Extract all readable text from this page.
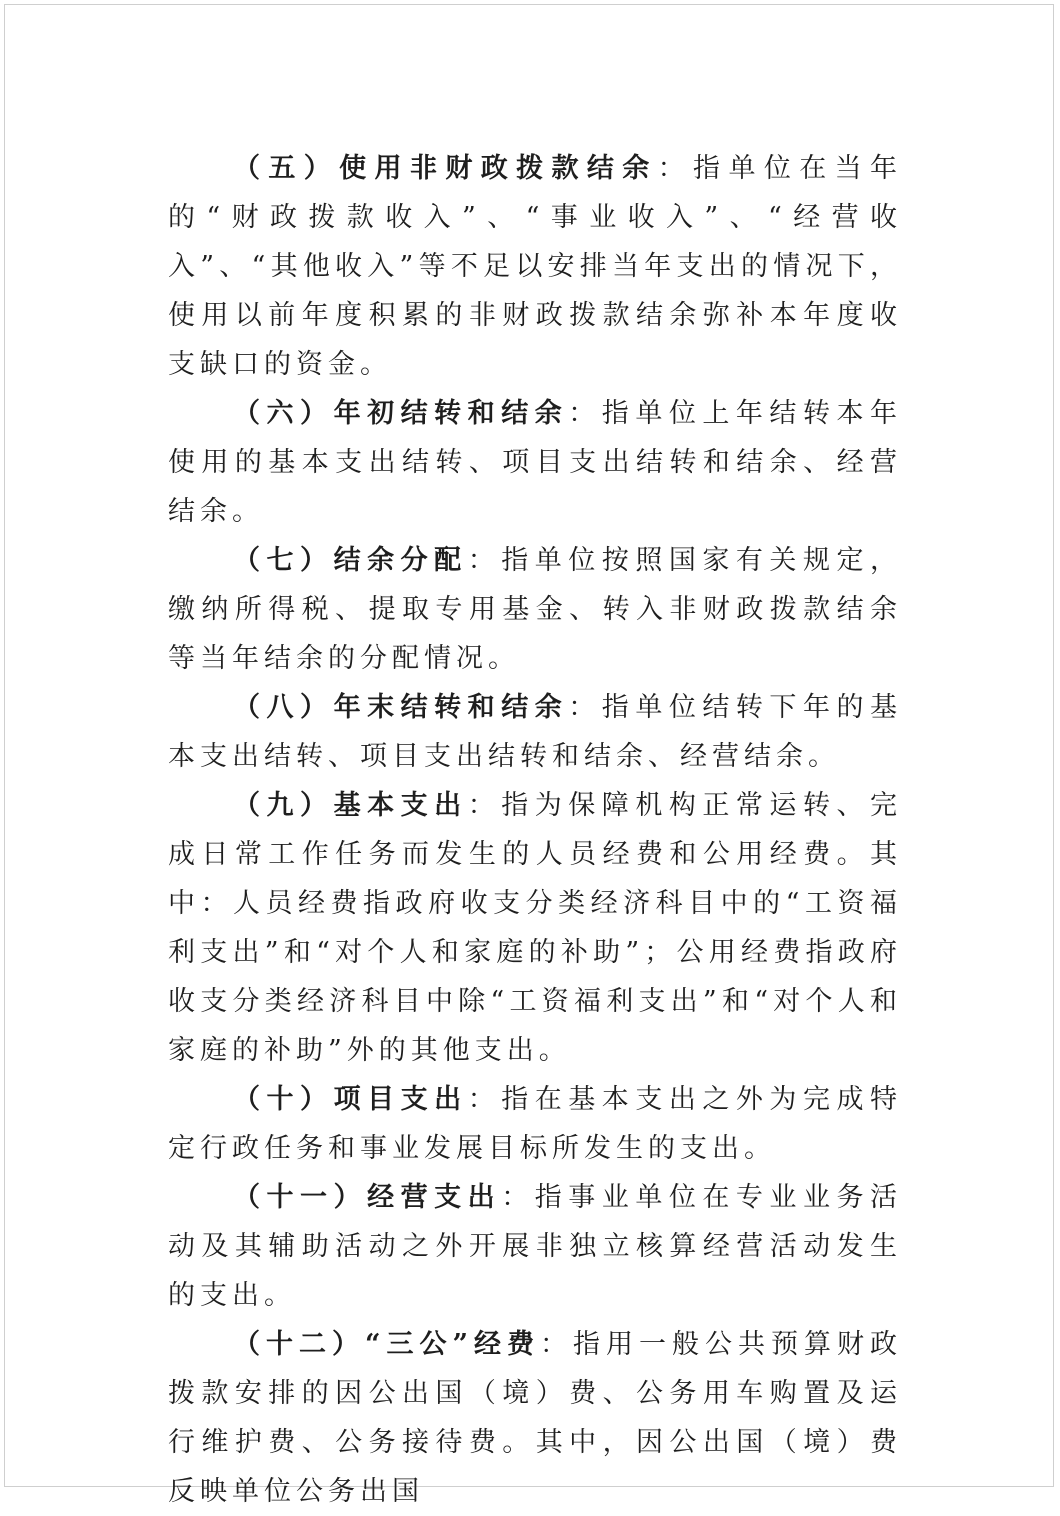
（五）使用非财政拨款结余：指单位在当年的“财政拨款收入”、“事业收入”、“经营收入”、“其他收入”等不足以安排当年支出的情况下，使用以前年度积累的非财政拨款结余弥补本年度收支缺口的资金。

（六）年初结转和结余：指单位上年结转本年使用的基本支出结转、项目支出结转和结余、经营结余。

（七）结余分配：指单位按照国家有关规定，缴纳所得税、提取专用基金、转入非财政拨款结余等当年结余的分配情况。

（八）年末结转和结余：指单位结转下年的基本支出结转、项目支出结转和结余、经营结余。

（九）基本支出：指为保障机构正常运转、完成日常工作任务而发生的人员经费和公用经费。其中：人员经费指政府收支分类经济科目中的“工资福利支出”和“对个人和家庭的补助”；公用经费指政府收支分类经济科目中除“工资福利支出”和“对个人和家庭的补助”外的其他支出。

（十）项目支出：指在基本支出之外为完成特定行政任务和事业发展目标所发生的支出。

（十一）经营支出：指事业单位在专业业务活动及其辅助活动之外开展非独立核算经营活动发生的支出。

（十二）“三公”经费：指用一般公共预算财政拨款安排的因公出国（境）费、公务用车购置及运行维护费、公务接待费。其中，因公出国（境）费反映单位公务出国
